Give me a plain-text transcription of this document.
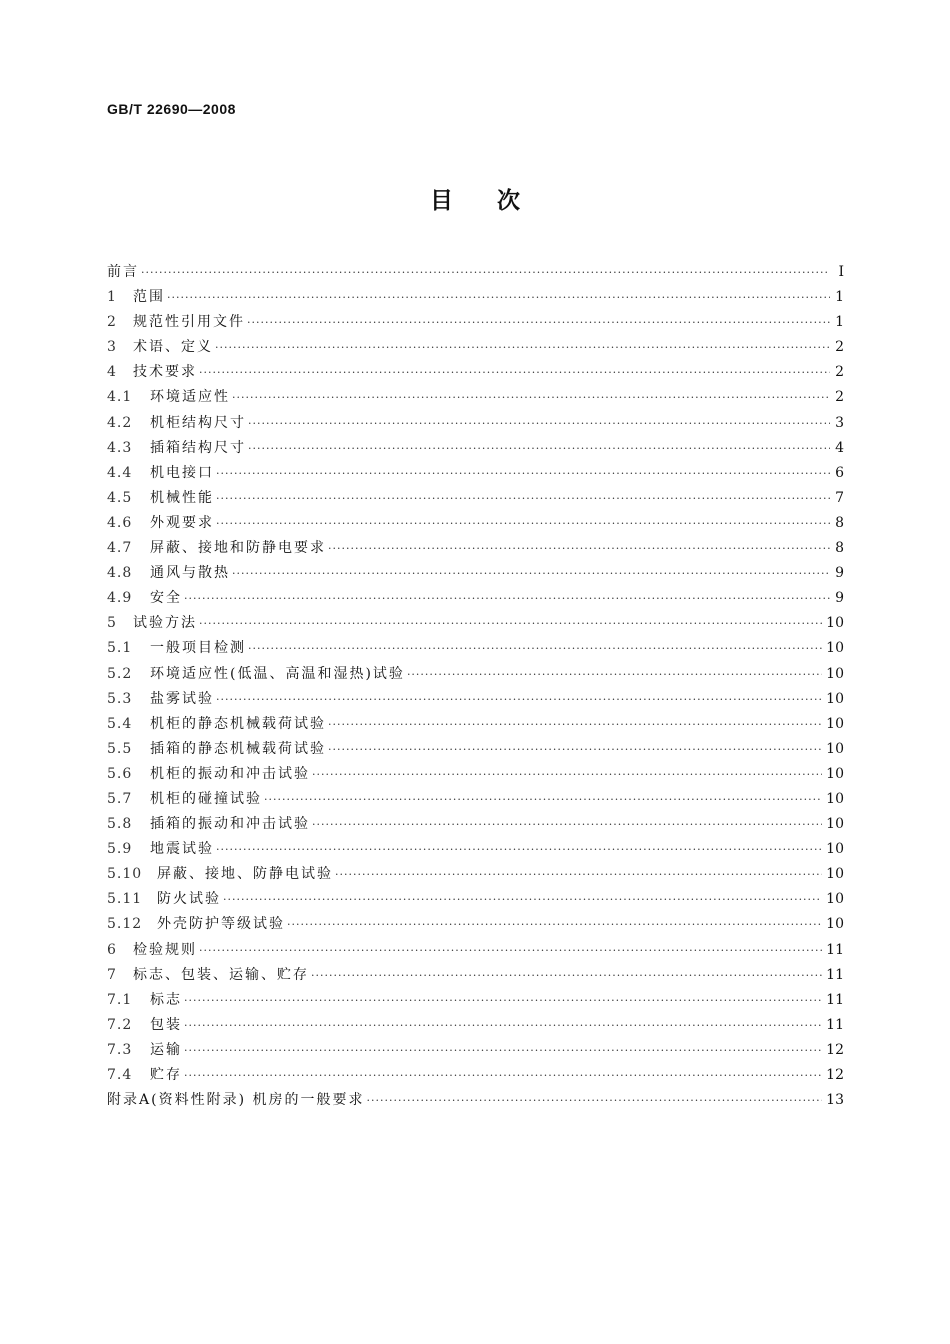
GB/T 22690—2008
目 次
前言 ·····	Ⅰ
1	范围 ·····	1
2	规范性引用文件 ·····	1
3	术语、定义 ·····	2
4	技术要求 ·····	2
4.1	环境适应性 ·····	2
4.2	机柜结构尺寸 ·····	3
4.3	插箱结构尺寸 ·····	4
4.4	机电接口 ·····	6
4.5	机械性能 ·····	7
4.6	外观要求 ·····	8
4.7	屏蔽、接地和防静电要求 ·····	8
4.8	通风与散热 ·····	9
4.9	安全 ·····	9
5	试验方法 ·····	10
5.1	一般项目检测 ·····	10
5.2	环境适应性(低温、高温和湿热)试验 ·····	10
5.3	盐雾试验 ·····	10
5.4	机柜的静态机械载荷试验 ·····	10
5.5	插箱的静态机械载荷试验 ·····	10
5.6	机柜的振动和冲击试验 ·····	10
5.7	机柜的碰撞试验 ·····	10
5.8	插箱的振动和冲击试验 ·····	10
5.9	地震试验 ·····	10
5.10	屏蔽、接地、防静电试验 ·····	10
5.11	防火试验 ·····	10
5.12	外壳防护等级试验 ·····	10
6	检验规则 ·····	11
7	标志、包装、运输、贮存 ·····	11
7.1	标志 ·····	11
7.2	包装 ·····	11
7.3	运输 ·····	12
7.4	贮存 ·····	12
附录A(资料性附录) 机房的一般要求 ·····	13
